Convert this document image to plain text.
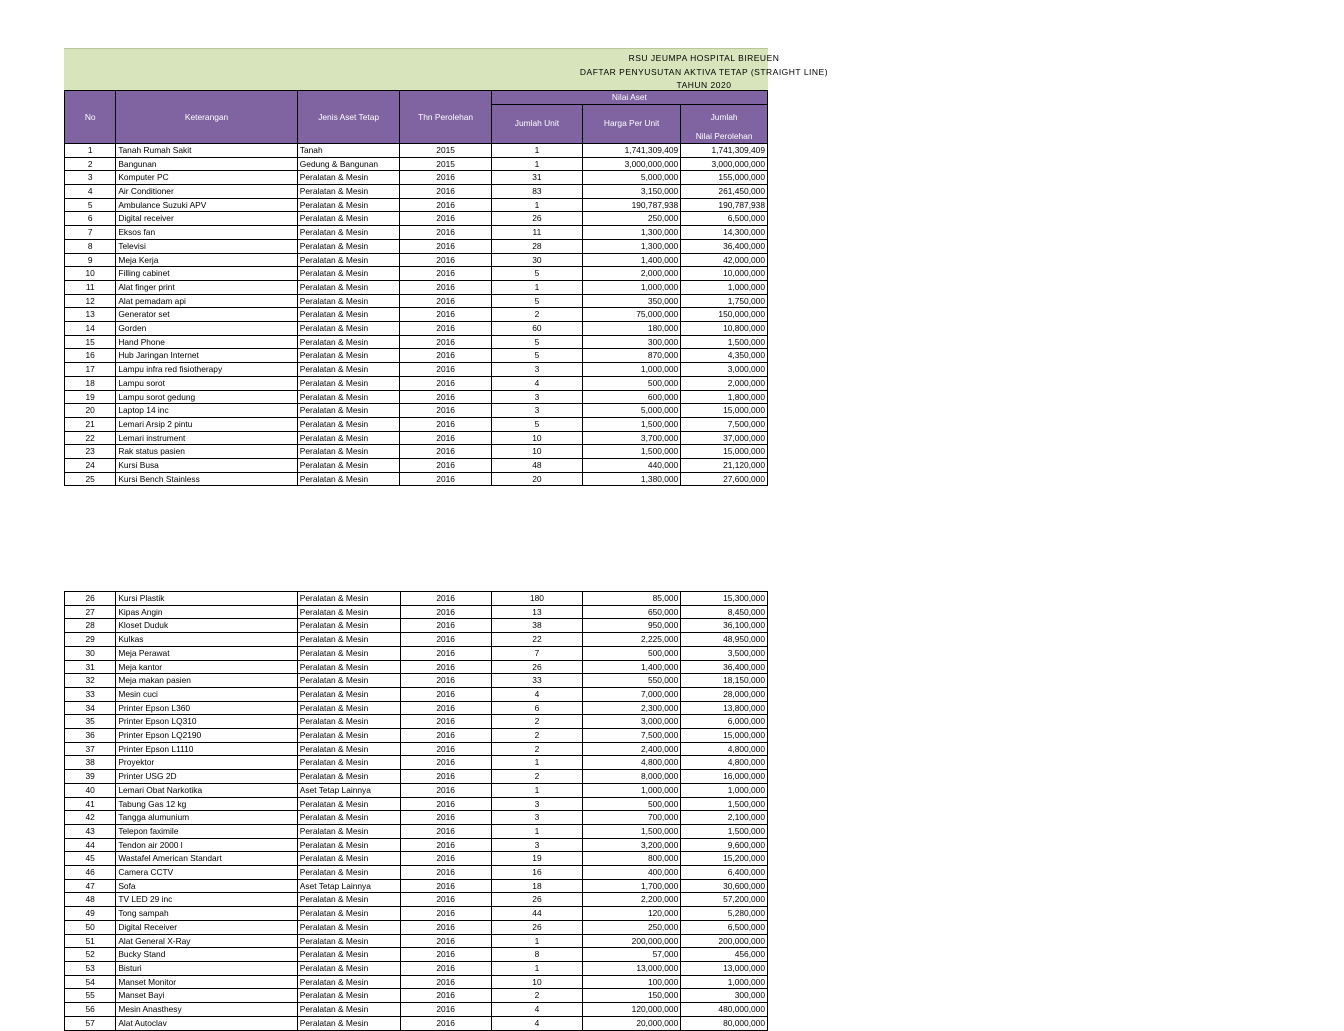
RSU JEUMPA HOSPITAL BIREUEN
DAFTAR PENYUSUTAN AKTIVA TETAP (STRAIGHT LINE)
TAHUN 2020
No	Keterangan	Jenis Aset Tetap	Thn Perolehan	Nilai Aset		
				Jumlah Unit	Harga Per Unit	Jumlah
						Nilai Perolehan
1	Tanah Rumah Sakit	Tanah	2015	1	1,741,309,409	1,741,309,409
2	Bangunan	Gedung & Bangunan	2015	1	3,000,000,000	3,000,000,000
3	Komputer PC	Peralatan & Mesin	2016	31	5,000,000	155,000,000
4	Air Conditioner	Peralatan & Mesin	2016	83	3,150,000	261,450,000
5	Ambulance Suzuki APV	Peralatan & Mesin	2016	1	190,787,938	190,787,938
6	Digital receiver	Peralatan & Mesin	2016	26	250,000	6,500,000
7	Eksos fan	Peralatan & Mesin	2016	11	1,300,000	14,300,000
8	Televisi	Peralatan & Mesin	2016	28	1,300,000	36,400,000
9	Meja Kerja	Peralatan & Mesin	2016	30	1,400,000	42,000,000
10	Filling cabinet	Peralatan & Mesin	2016	5	2,000,000	10,000,000
11	Alat finger print	Peralatan & Mesin	2016	1	1,000,000	1,000,000
12	Alat pemadam api	Peralatan & Mesin	2016	5	350,000	1,750,000
13	Generator set	Peralatan & Mesin	2016	2	75,000,000	150,000,000
14	Gorden	Peralatan & Mesin	2016	60	180,000	10,800,000
15	Hand Phone	Peralatan & Mesin	2016	5	300,000	1,500,000
16	Hub Jaringan Internet	Peralatan & Mesin	2016	5	870,000	4,350,000
17	Lampu infra red fisiotherapy	Peralatan & Mesin	2016	3	1,000,000	3,000,000
18	Lampu sorot	Peralatan & Mesin	2016	4	500,000	2,000,000
19	Lampu sorot gedung	Peralatan & Mesin	2016	3	600,000	1,800,000
20	Laptop 14 inc	Peralatan & Mesin	2016	3	5,000,000	15,000,000
21	Lemari Arsip 2 pintu	Peralatan & Mesin	2016	5	1,500,000	7,500,000
22	Lemari instrument	Peralatan & Mesin	2016	10	3,700,000	37,000,000
23	Rak status pasien	Peralatan & Mesin	2016	10	1,500,000	15,000,000
24	Kursi Busa	Peralatan & Mesin	2016	48	440,000	21,120,000
25	Kursi Bench Stainless	Peralatan & Mesin	2016	20	1,380,000	27,600,000
26	Kursi Plastik	Peralatan & Mesin	2016	180	85,000	15,300,000
27	Kipas Angin	Peralatan & Mesin	2016	13	650,000	8,450,000
28	Kloset Duduk	Peralatan & Mesin	2016	38	950,000	36,100,000
29	Kulkas	Peralatan & Mesin	2016	22	2,225,000	48,950,000
30	Meja Perawat	Peralatan & Mesin	2016	7	500,000	3,500,000
31	Meja kantor	Peralatan & Mesin	2016	26	1,400,000	36,400,000
32	Meja makan pasien	Peralatan & Mesin	2016	33	550,000	18,150,000
33	Mesin cuci	Peralatan & Mesin	2016	4	7,000,000	28,000,000
34	Printer Epson L360	Peralatan & Mesin	2016	6	2,300,000	13,800,000
35	Printer Epson LQ310	Peralatan & Mesin	2016	2	3,000,000	6,000,000
36	Printer Epson LQ2190	Peralatan & Mesin	2016	2	7,500,000	15,000,000
37	Printer Epson L1110	Peralatan & Mesin	2016	2	2,400,000	4,800,000
38	Proyektor	Peralatan & Mesin	2016	1	4,800,000	4,800,000
39	Printer USG 2D	Peralatan & Mesin	2016	2	8,000,000	16,000,000
40	Lemari Obat Narkotika	Aset Tetap Lainnya	2016	1	1,000,000	1,000,000
41	Tabung Gas 12 kg	Peralatan & Mesin	2016	3	500,000	1,500,000
42	Tangga alumunium	Peralatan & Mesin	2016	3	700,000	2,100,000
43	Telepon faximile	Peralatan & Mesin	2016	1	1,500,000	1,500,000
44	Tendon air 2000 l	Peralatan & Mesin	2016	3	3,200,000	9,600,000
45	Wastafel American Standart	Peralatan & Mesin	2016	19	800,000	15,200,000
46	Camera CCTV	Peralatan & Mesin	2016	16	400,000	6,400,000
47	Sofa	Aset Tetap Lainnya	2016	18	1,700,000	30,600,000
48	TV LED 29 inc	Peralatan & Mesin	2016	26	2,200,000	57,200,000
49	Tong sampah	Peralatan & Mesin	2016	44	120,000	5,280,000
50	Digital Receiver	Peralatan & Mesin	2016	26	250,000	6,500,000
51	Alat General X-Ray	Peralatan & Mesin	2016	1	200,000,000	200,000,000
52	Bucky Stand	Peralatan & Mesin	2016	8	57,000	456,000
53	Bisturi	Peralatan & Mesin	2016	1	13,000,000	13,000,000
54	Manset Monitor	Peralatan & Mesin	2016	10	100,000	1,000,000
55	Manset Bayi	Peralatan & Mesin	2016	2	150,000	300,000
56	Mesin Anasthesy	Peralatan & Mesin	2016	4	120,000,000	480,000,000
57	Alat Autoclav	Peralatan & Mesin	2016	4	20,000,000	80,000,000
